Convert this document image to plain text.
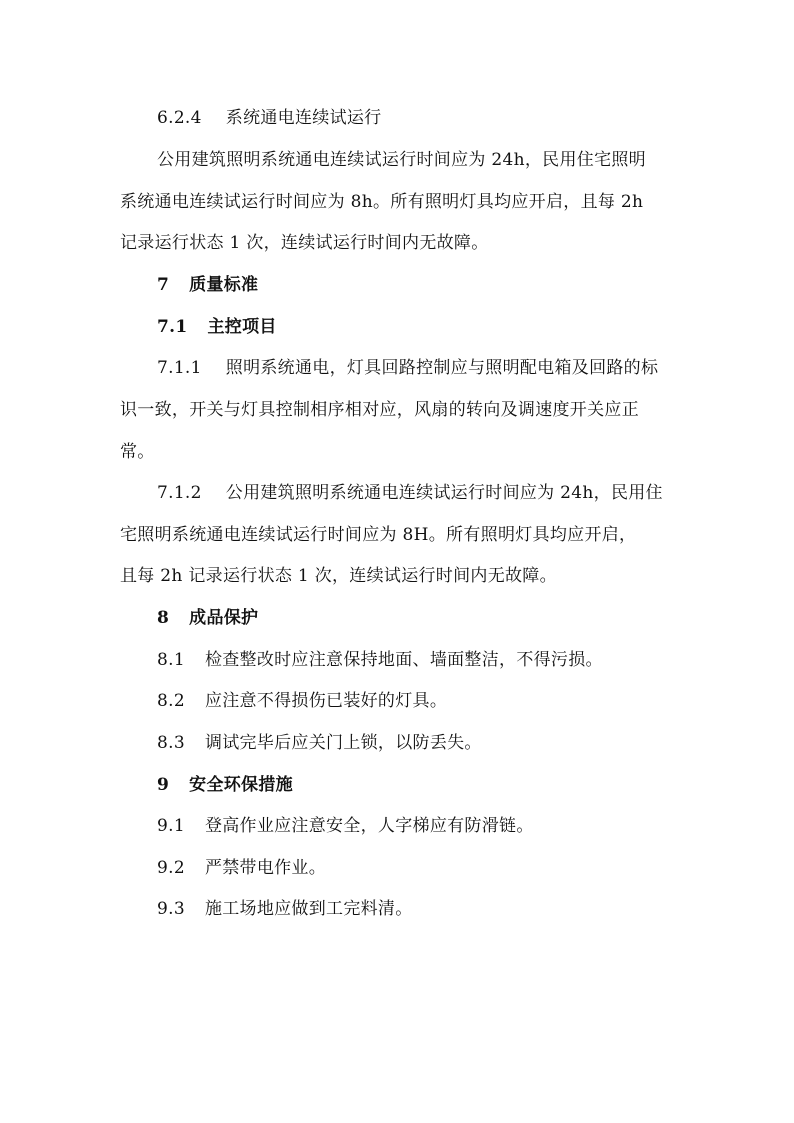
6.2.4 系统通电连续试运行
公用建筑照明系统通电连续试运行时间应为 24h，民用住宅照明
系统通电连续试运行时间应为 8h。所有照明灯具均应开启，且每 2h
记录运行状态 1 次，连续试运行时间内无故障。
7 质量标准
7.1 主控项目
7.1.1 照明系统通电，灯具回路控制应与照明配电箱及回路的标
识一致，开关与灯具控制相序相对应，风扇的转向及调速度开关应正
常。
7.1.2 公用建筑照明系统通电连续试运行时间应为 24h，民用住
宅照明系统通电连续试运行时间应为 8H。所有照明灯具均应开启，
且每 2h 记录运行状态 1 次，连续试运行时间内无故障。
8 成品保护
8.1 检查整改时应注意保持地面、墙面整洁，不得污损。
8.2 应注意不得损伤已装好的灯具。
8.3 调试完毕后应关门上锁，以防丢失。
9 安全环保措施
9.1 登高作业应注意安全，人字梯应有防滑链。
9.2 严禁带电作业。
9.3 施工场地应做到工完料清。
